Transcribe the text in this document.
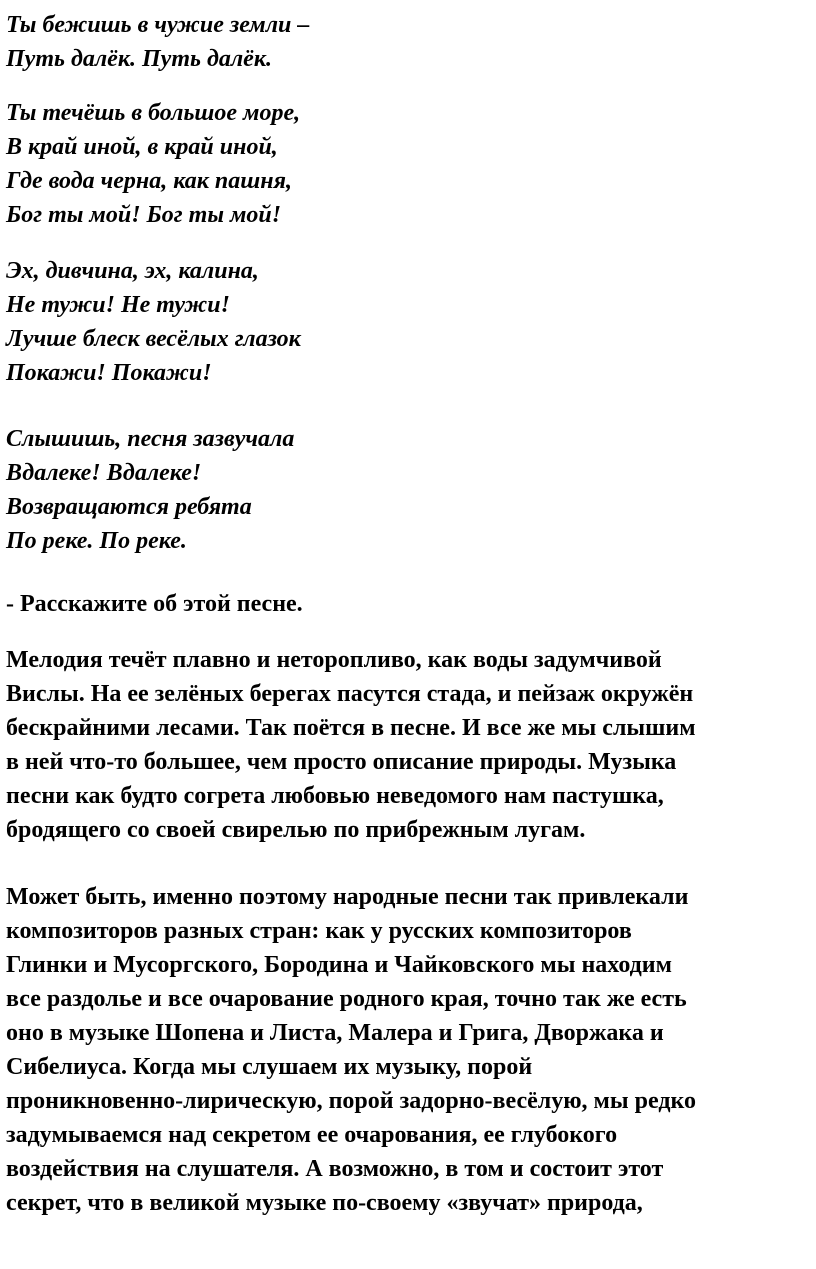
Ты бежишь в чужие земли –
Путь далёк. Путь далёк.
Ты течёшь в большое море,
В край иной, в край иной,
Где вода черна, как пашня,
Бог ты мой! Бог ты мой!
Эх, дивчина, эх, калина,
Не тужи! Не тужи!
Лучше блеск весёлых глазок
Покажи! Покажи!
Слышишь, песня зазвучала
Вдалеке! Вдалеке!
Возвращаются ребята
По реке. По реке.

- Расскажите об этой песне.

Мелодия течёт плавно и неторопливо, как воды задумчивой
Вислы. На ее зелёных берегах пасутся стада, и пейзаж окружён
бескрайними лесами. Так поётся в песне. И все же мы слышим
в ней что-то большее, чем просто описание природы. Музыка
песни как будто согрета любовью неведомого нам пастушка,
бродящего со своей свирелью по прибрежным лугам.

Может быть, именно поэтому народные песни так привлекали
композиторов разных стран: как у русских композиторов
Глинки и Мусоргского, Бородина и Чайковского мы находим
все раздолье и все очарование родного края, точно так же есть
оно в музыке Шопена и Листа, Малера и Грига, Дворжака и
Сибелиуса. Когда мы слушаем их музыку, порой
проникновенно-лирическую, порой задорно-весёлую, мы редко
задумываемся над секретом ее очарования, ее глубокого
воздействия на слушателя. А возможно, в том и состоит этот
секрет, что в великой музыке по-своему «звучат» природа,
